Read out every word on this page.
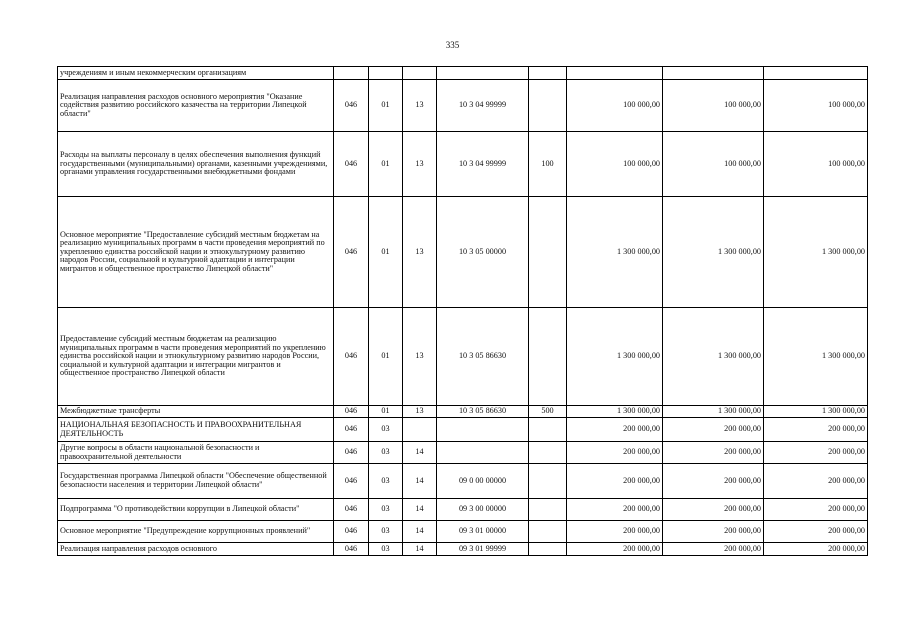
335
учреждениям и иным некоммерческим организациям								
Реализация направления расходов основного мероприятия "Оказание содействия развитию российского казачества на территории Липецкой области"	046	01	13	10 3 04 99999		100 000,00	100 000,00	100 000,00
Расходы на выплаты персоналу в целях обеспечения выполнения функций государственными (муниципальными) органами, казенными учреждениями, органами управления государственными внебюджетными фондами	046	01	13	10 3 04 99999	100	100 000,00	100 000,00	100 000,00
Основное мероприятие "Предоставление субсидий местным бюджетам на реализацию муниципальных программ в части проведения мероприятий по укреплению единства российской нации и этнокультурному развитию народов России, социальной и культурной адаптации и интеграции мигрантов и общественное пространство Липецкой области"	046	01	13	10 3 05 00000		1 300 000,00	1 300 000,00	1 300 000,00
Предоставление субсидий местным бюджетам на реализацию муниципальных программ в части проведения мероприятий по укреплению единства российской нации и этнокультурному развитию народов России, социальной и культурной адаптации и интеграции мигрантов и общественное пространство Липецкой области	046	01	13	10 3 05 86630		1 300 000,00	1 300 000,00	1 300 000,00
Межбюджетные трансферты	046	01	13	10 3 05 86630	500	1 300 000,00	1 300 000,00	1 300 000,00
НАЦИОНАЛЬНАЯ БЕЗОПАСНОСТЬ И ПРАВООХРАНИТЕЛЬНАЯ ДЕЯТЕЛЬНОСТЬ	046	03				200 000,00	200 000,00	200 000,00
Другие вопросы в области национальной безопасности и правоохранительной деятельности	046	03	14			200 000,00	200 000,00	200 000,00
Государственная программа Липецкой области "Обеспечение общественной безопасности населения и территории Липецкой области"	046	03	14	09 0 00 00000		200 000,00	200 000,00	200 000,00
Подпрограмма "О противодействии коррупции в Липецкой области"	046	03	14	09 3 00 00000		200 000,00	200 000,00	200 000,00
Основное мероприятие "Предупреждение коррупционных проявлений"	046	03	14	09 3 01 00000		200 000,00	200 000,00	200 000,00
Реализация направления расходов основного	046	03	14	09 3 01 99999		200 000,00	200 000,00	200 000,00
